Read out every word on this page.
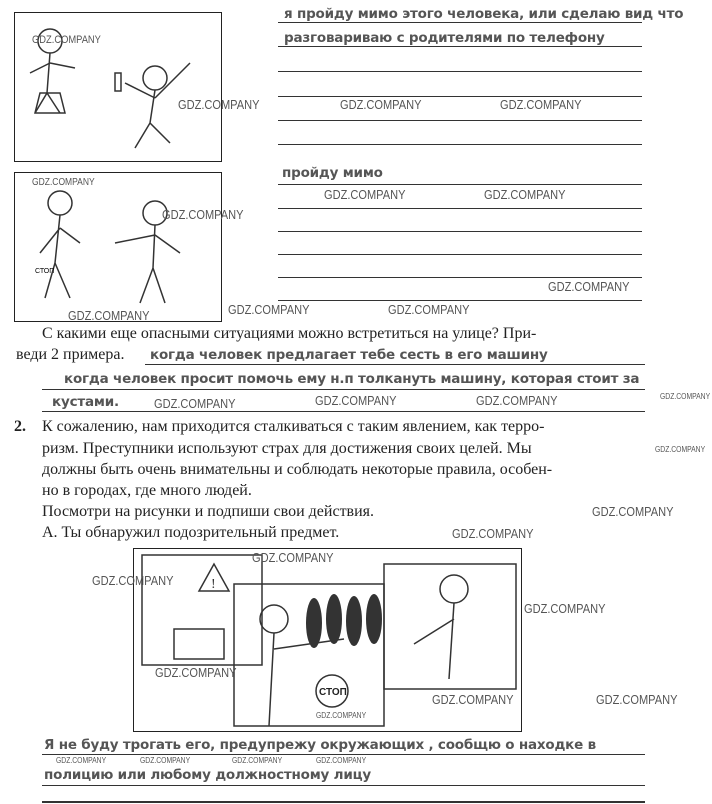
я пройду мимо этого человека, или сделаю вид что
разговариваю с родителями по телефону
СТОП
пройду мимо
С какими еще опасными ситуациями можно встретиться на улице? При-
веди 2 примера. когда человек предлагает тебе сесть в его машину
когда человек просит помочь ему н.п толкануть машину, которая стоит за
кустами.
2. К сожалению, нам приходится сталкиваться с таким явлением, как терро-
ризм. Преступники используют страх для достижения своих целей. Мы
должны быть очень внимательны и соблюдать некоторые правила, особен-
но в городах, где много людей.
Посмотри на рисунки и подпиши свои действия.
А. Ты обнаружил подозрительный предмет.
!
СТОП
Я не буду трогать его, предупрежу окружающих , сообщю о находке в
полицию или любому должностному лицу
GDZ.COMPANY
GDZ.COMPANY	GDZ.COMPANY	GDZ.COMPANY
GDZ.COMPANY
GDZ.COMPANY
GDZ.COMPANY	GDZ.COMPANY
GDZ.COMPANY
GDZ.COMPANY	GDZ.COMPANY
GDZ.COMPANY
GDZ.COMPANY	GDZ.COMPANY
GDZ.COMPANY	GDZ.COMPANY
GDZ.COMPANY
GDZ.COMPANY
GDZ.COMPANY
GDZ.COMPANY
GDZ.COMPANY
GDZ.COMPANY
GDZ.COMPANY
GDZ.COMPANY	GDZ.COMPANY
GDZ.COMPANY
GDZ.COMPANY	GDZ.COMPANY	GDZ.COMPANY	GDZ.COMPANY
